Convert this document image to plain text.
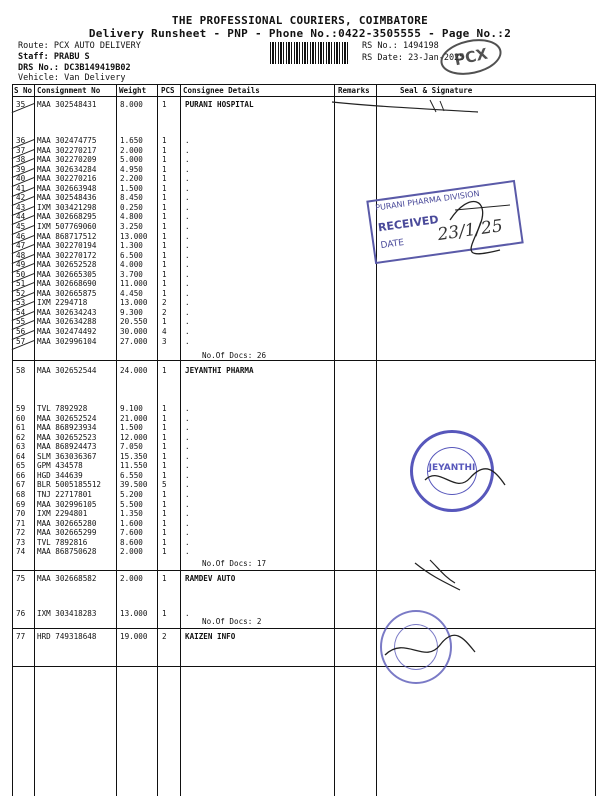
THE PROFESSIONAL COURIERS, COIMBATORE
Delivery Runsheet - PNP - Phone No.:0422-3505555 - Page No.:2
Route: PCX AUTO DELIVERY
Staff: PRABU S
DRS No.: DC3B149419B02
Vehicle: Van Delivery
RS No.: 1494198
RS Date: 23-Jan-2025
PCX
S No Consignment No	Weight PCS Consignee Details	Remarks	Seal & Signature
35 MAA 302548431	8.000	1 PURANI HOSPITAL
36 MAA 302474775	1.650	1 .
37 MAA 302270217	2.000	1 .
38 MAA 302270209	5.000	1 .
39 MAA 302634284	4.950	1 .
40 MAA 302270216	2.200	1 .
41 MAA 302663948	1.500	1 .
42 MAA 302548436	8.450	1 .
43 IXM 303421298	0.250	1 .
44 MAA 302668295	4.800	1 .
45 IXM 507769060	3.250	1 .
46 MAA 868717512	13.000 1 .
47 MAA 302270194	1.300	1 .
48 MAA 302270172	6.500	1 .
49 MAA 302652528	4.000	1 .
50 MAA 302665305	3.700	1 .
51 MAA 302668690	11.000 1 .
52 MAA 302665875	4.450	1 .
53 IXM 2294718	13.000 2 .
54 MAA 302634243	9.300	2 .
55 MAA 302634288	20.550 1 .
56 MAA 302474492	30.000 4 .
57 MAA 302996104	27.000 3 .
58 MAA 302652544	24.000 1 JEYANTHI PHARMA
59 TVL 7892928	9.100	1 .
60 MAA 302652524	21.000 1 .
61 MAA 868923934	1.500	1 .
62 MAA 302652523	12.000 1 .
63 MAA 868924473	7.050	1 .
64 SLM 363036367	15.350 1 .
65 GPM 434578	11.550 1 .
66 HGD 344639	6.550	1 .
67 BLR 5005185512 39.500 5 .
68 TNJ 22717801	5.200	1 .
69 MAA 302996105	5.500	1 .
70 IXM 2294801	1.350	1 .
71 MAA 302665280	1.600	1 .
72 MAA 302665299	7.600	1 .
73 TVL 7892816	8.600	1 .
74 MAA 868750628	2.000	1 .
75 MAA 302668582	2.000	1 RAMDEV AUTO
76 IXM 303418283	13.000 1 .
77 HRD 749318648	19.000 2 KAIZEN INFO
No.Of Docs: 26
No.Of Docs: 17
No.Of Docs: 2
PURANI PHARMA DIVISION
RECEIVED
DATE 23/1/25
JEYANTHI
